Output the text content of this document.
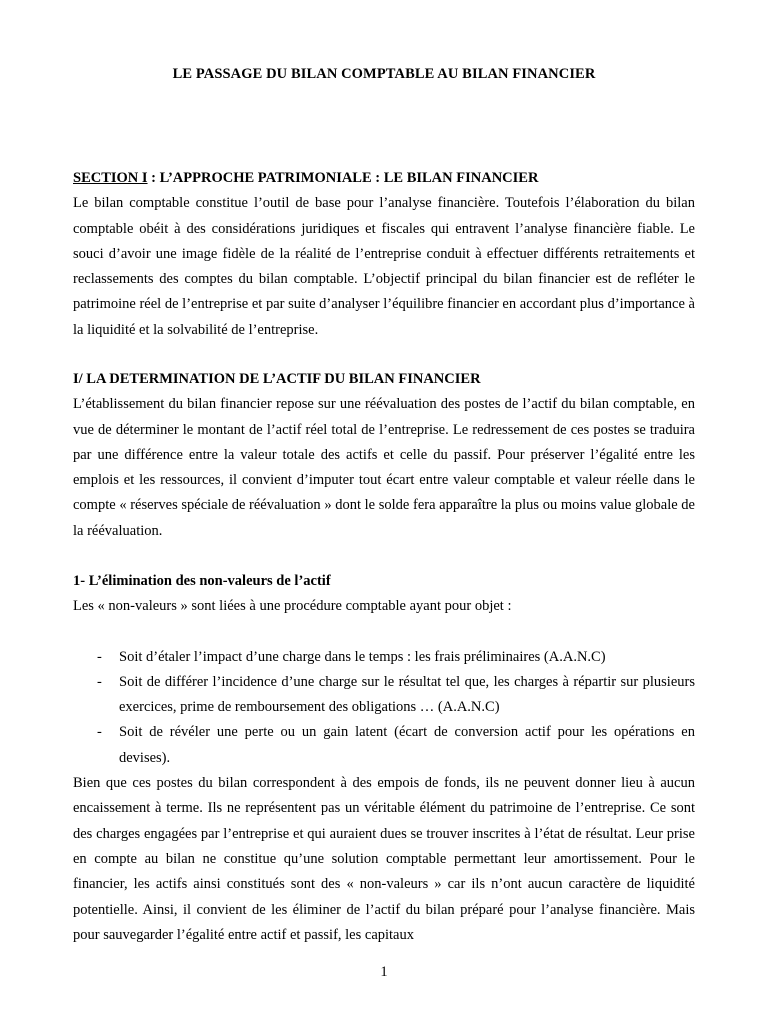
LE PASSAGE DU BILAN COMPTABLE AU BILAN FINANCIER
SECTION I : L’APPROCHE PATRIMONIALE : LE BILAN FINANCIER
Le bilan comptable constitue l’outil de base pour l’analyse financière. Toutefois l’élaboration du bilan comptable obéit à des considérations juridiques et fiscales qui entravent l’analyse financière fiable. Le souci d’avoir une image fidèle de la réalité de l’entreprise conduit à effectuer différents retraitements et reclassements des comptes du bilan comptable. L’objectif principal du bilan financier est de refléter le patrimoine réel de l’entreprise et par suite d’analyser l’équilibre financier en accordant plus d’importance à la liquidité et la solvabilité de l’entreprise.
I/ LA DETERMINATION DE L’ACTIF DU BILAN FINANCIER
L’établissement du bilan financier repose sur une réévaluation des postes de l’actif du bilan comptable, en vue de déterminer le montant de l’actif réel total de l’entreprise. Le redressement de ces postes se traduira par une différence entre la valeur totale des actifs et celle du passif. Pour préserver l’égalité entre les emplois et les ressources, il convient d’imputer tout écart entre valeur comptable et valeur réelle dans le compte « réserves spéciale de réévaluation » dont le solde fera apparaître la plus ou moins value globale de la réévaluation.
1- L’élimination des non-valeurs de l’actif
Les « non-valeurs » sont liées à une procédure comptable ayant pour objet :
- Soit d’étaler l’impact d’une charge dans le temps : les frais préliminaires (A.A.N.C)
- Soit de différer l’incidence d’une charge sur le résultat tel que, les charges à répartir sur plusieurs exercices, prime de remboursement des obligations … (A.A.N.C)
- Soit de révéler une perte ou un gain latent (écart de conversion actif pour les opérations en devises).
Bien que ces postes du bilan correspondent à des empois de fonds, ils ne peuvent donner lieu à aucun encaissement à terme. Ils ne représentent pas un véritable élément du patrimoine de l’entreprise. Ce sont des charges engagées par l’entreprise et qui auraient dues se trouver inscrites à l’état de résultat. Leur prise en compte au bilan ne constitue qu’une solution comptable permettant leur amortissement. Pour le financier, les actifs ainsi constitués sont des « non-valeurs » car ils n’ont aucun caractère de liquidité potentielle. Ainsi, il convient de les éliminer de l’actif du bilan préparé pour l’analyse financière. Mais pour sauvegarder l’égalité entre actif et passif, les capitaux
1
